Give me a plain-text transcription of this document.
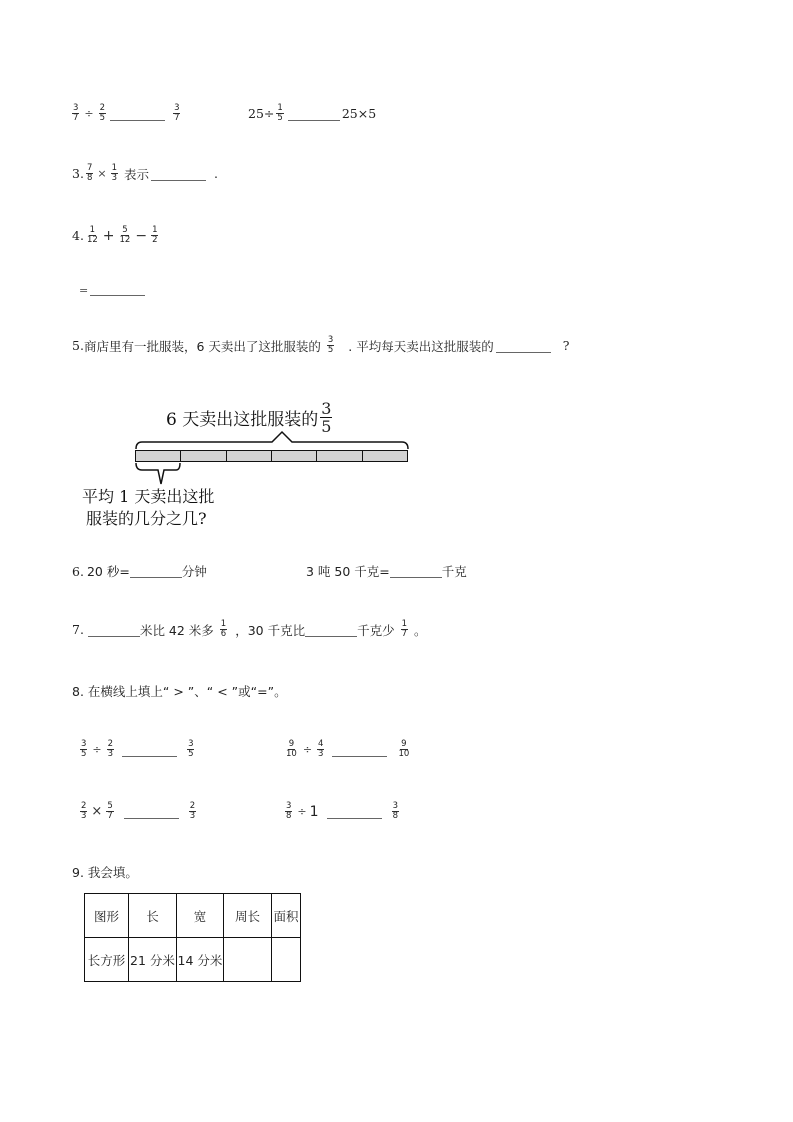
$\frac{3}{7} \div \frac{2}{5}$	$\frac{3}{7}$	$25\div \frac{1}{5}$	25×5
3. $\frac{7}{8} \times \frac{1}{3}$ 表示	.
4. $\frac{1}{12} + \frac{5}{12} - \frac{1}{2}$
=
5. 商店里有一批服装，6 天卖出了这批服装的 $\frac{3}{5}$ . 平均每天卖出这批服装的	?
6 天卖出这批服装的
3
5
平均 1 天卖出这批
服装的几分之几?
6. 20 秒=	分钟	3 吨 50 千克=	千克
7.	米比 42 米多 $\frac{1}{6}$ ，30 千克比	千克少 $\frac{1}{7}$ 。
8. 在横线上填上“ > ”、“ < ”或“=”。
$\frac{3}{5} \div \frac{2}{3}$	$\frac{3}{5}$	$\frac{9}{10} \div \frac{4}{3}$	$\frac{9}{10}$
$\frac{2}{3} \times \frac{5}{7}$	$\frac{2}{3}$	$\frac{3}{8} \div 1$	$\frac{3}{8}$
9. 我会填。
图形	长	宽	周长	面积
长方形	21 分米	14 分米		
